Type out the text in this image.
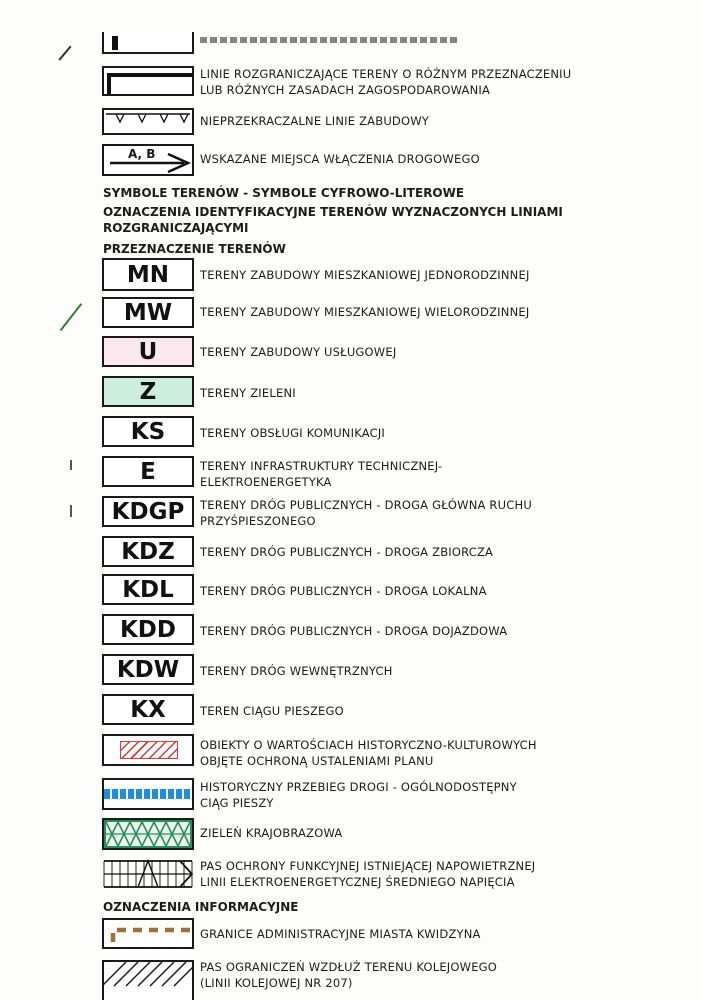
LINIE ROZGRANICZAJĄCE TERENY O RÓŻNYM PRZEZNACZENIU
LUB RÓŻNYCH ZASADACH ZAGOSPODAROWANIA
NIEPRZEKRACZALNE LINIE ZABUDOWY
A, B	WSKAZANE MIEJSCA WŁĄCZENIA DROGOWEGO
SYMBOLE TERENÓW - SYMBOLE CYFROWO-LITEROWE
OZNACZENIA IDENTYFIKACYJNE TERENÓW WYZNACZONYCH LINIAMI
ROZGRANICZAJĄCYMI
PRZEZNACZENIE TERENÓW
MN	TERENY ZABUDOWY MIESZKANIOWEJ JEDNORODZINNEJ
MW	TERENY ZABUDOWY MIESZKANIOWEJ WIELORODZINNEJ
U	TERENY ZABUDOWY USŁUGOWEJ
Z	TERENY ZIELENI
KS	TERENY OBSŁUGI KOMUNIKACJI
E	TERENY INFRASTRUKTURY TECHNICZNEJ-
ELEKTROENERGETYKA
KDGP	TERENY DRÓG PUBLICZNYCH - DROGA GŁÓWNA RUCHU
PRZYŚPIESZONEGO
KDZ	TERENY DRÓG PUBLICZNYCH - DROGA ZBIORCZA
KDL	TERENY DRÓG PUBLICZNYCH - DROGA LOKALNA
KDD	TERENY DRÓG PUBLICZNYCH - DROGA DOJAZDOWA
KDW	TERENY DRÓG WEWNĘTRZNYCH
KX	TEREN CIĄGU PIESZEGO
OBIEKTY O WARTOŚCIACH HISTORYCZNO-KULTUROWYCH
OBJĘTE OCHRONĄ USTALENIAMI PLANU
HISTORYCZNY PRZEBIEG DROGI - OGÓLNODOSTĘPNY
CIĄG PIESZY
ZIELEŃ KRAJOBRAZOWA
PAS OCHRONY FUNKCYJNEJ ISTNIEJĄCEJ NAPOWIETRZNEJ
LINII ELEKTROENERGETYCZNEJ ŚREDNIEGO NAPIĘCIA
OZNACZENIA INFORMACYJNE
GRANICE ADMINISTRACYJNE MIASTA KWIDZYNA
PAS OGRANICZEŃ WZDŁUŻ TERENU KOLEJOWEGO
(LINII KOLEJOWEJ NR 207)
